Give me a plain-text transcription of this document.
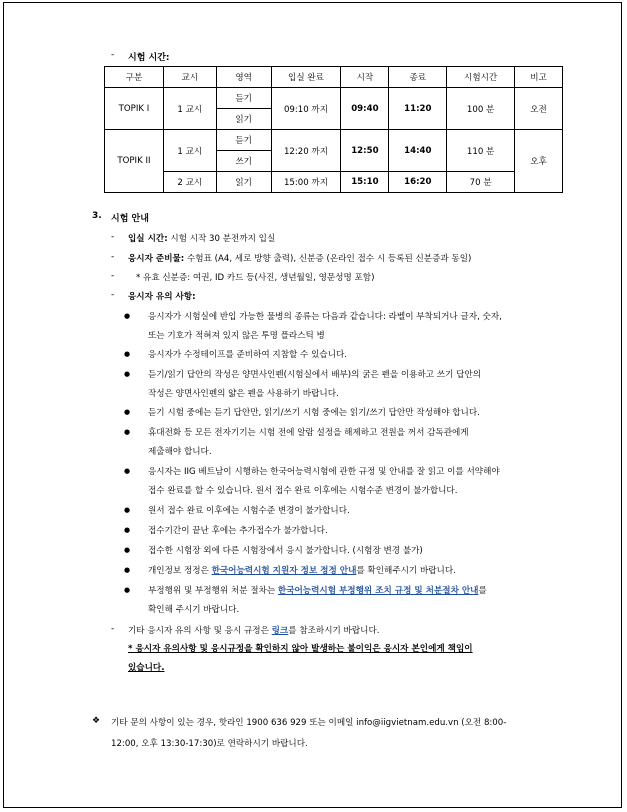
- 시험 시간:
구분	교시	영역	입실 완료	시작	종료	시험시간	비고
TOPIK I	1 교시	듣기	09:10 까지	09:40	11:20	100 분	오전
		읽기					
TOPIK II	1 교시	듣기	12:20 까지	12:50	14:40	110 분	오후
		쓰기					
	2 교시	읽기	15:00 까지	15:10	16:20	70 분	
3. 시험 안내
- 입실 시간: 시험 시작 30 분전까지 입실
- 응시자 준비물: 수험표 (A4, 세로 방향 출력), 신분증 (온라인 접수 시 등록된 신분증과 동일)
-	* 유효 신분증: 여권, ID 카드 등(사진, 생년월일, 영문성명 포함)
- 응시자 유의 사항:
● 응시자가 시험실에 반입 가능한 물병의 종류는 다음과 같습니다: 라벨이 부착되거나 글자, 숫자,
또는 기호가 적혀져 있지 않은 투명 플라스틱 병
● 응시자가 수정테이프를 준비하여 지참할 수 있습니다.
● 듣기/읽기 답안의 작성은 양면사인펜(시험실에서 배부)의 굵은 펜을 이용하고 쓰기 답안의
작성은 양면사인펜의 얇은 펜을 사용하기 바랍니다.
● 듣기 시험 중에는 듣기 답안만, 읽기/쓰기 시험 중에는 읽기/쓰기 답안만 작성해야 합니다.
● 휴대전화 등 모든 전자기기는 시험 전에 알람 설정을 해제하고 전원을 꺼서 감독관에게
제출해야 합니다.
● 응시자는 IIG 베트남이 시행하는 한국어능력시험에 관한 규정 및 안내를 잘 읽고 이를 서약해야
접수 완료를 할 수 있습니다. 원서 접수 완료 이후에는 시험수준 변경이 불가합니다.
● 원서 접수 완료 이후에는 시험수준 변경이 불가합니다.
● 접수기간이 끝난 후에는 추가접수가 불가합니다.
● 접수한 시험장 외에 다른 시험장에서 응시 불가합니다. (시험장 변경 불가)
● 개인정보 정정은 한국어능력시험 지원자 정보 정정 안내를 확인해주시기 바랍니다.
● 부정행위 및 부정행위 처분 절차는 한국어능력시험 부정행위 조치 규정 및 처분절차 안내를
확인해 주시기 바랍니다.
- 기타 응시자 유의 사항 및 응시 규정은 링크를 참조하시기 바랍니다.
* 응시자 유의사항 및 응시규정을 확인하지 않아 발생하는 불이익은 응시자 본인에게 책임이
있습니다.
❖ 기타 문의 사항이 있는 경우, 핫라인 1900 636 929 또는 이메일 info@iigvietnam.edu.vn (오전 8:00-
12:00, 오후 13:30-17:30)로 연락하시기 바랍니다.
